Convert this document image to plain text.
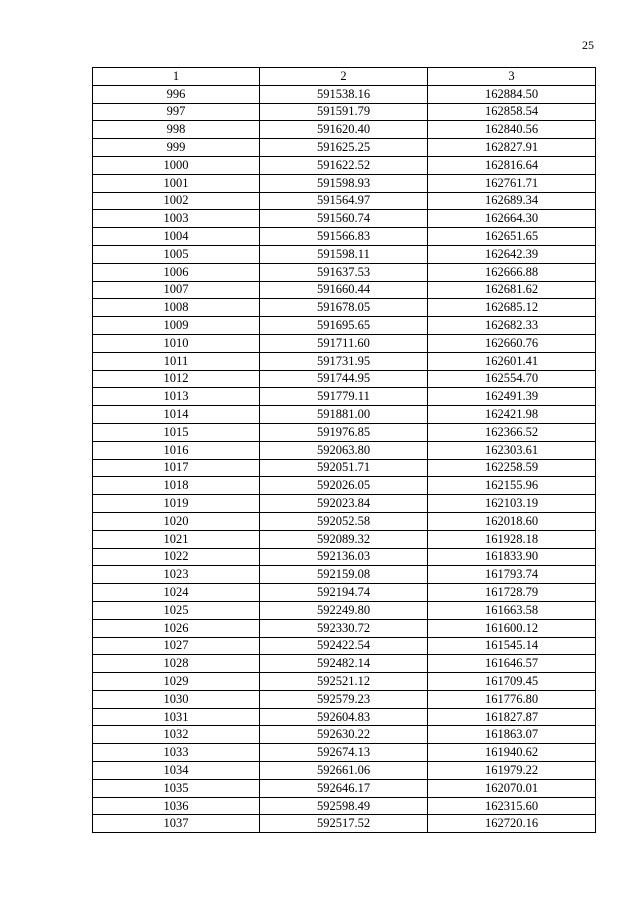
25
1	2	3
996	591538.16	162884.50
997	591591.79	162858.54
998	591620.40	162840.56
999	591625.25	162827.91
1000	591622.52	162816.64
1001	591598.93	162761.71
1002	591564.97	162689.34
1003	591560.74	162664.30
1004	591566.83	162651.65
1005	591598.11	162642.39
1006	591637.53	162666.88
1007	591660.44	162681.62
1008	591678.05	162685.12
1009	591695.65	162682.33
1010	591711.60	162660.76
1011	591731.95	162601.41
1012	591744.95	162554.70
1013	591779.11	162491.39
1014	591881.00	162421.98
1015	591976.85	162366.52
1016	592063.80	162303.61
1017	592051.71	162258.59
1018	592026.05	162155.96
1019	592023.84	162103.19
1020	592052.58	162018.60
1021	592089.32	161928.18
1022	592136.03	161833.90
1023	592159.08	161793.74
1024	592194.74	161728.79
1025	592249.80	161663.58
1026	592330.72	161600.12
1027	592422.54	161545.14
1028	592482.14	161646.57
1029	592521.12	161709.45
1030	592579.23	161776.80
1031	592604.83	161827.87
1032	592630.22	161863.07
1033	592674.13	161940.62
1034	592661.06	161979.22
1035	592646.17	162070.01
1036	592598.49	162315.60
1037	592517.52	162720.16
